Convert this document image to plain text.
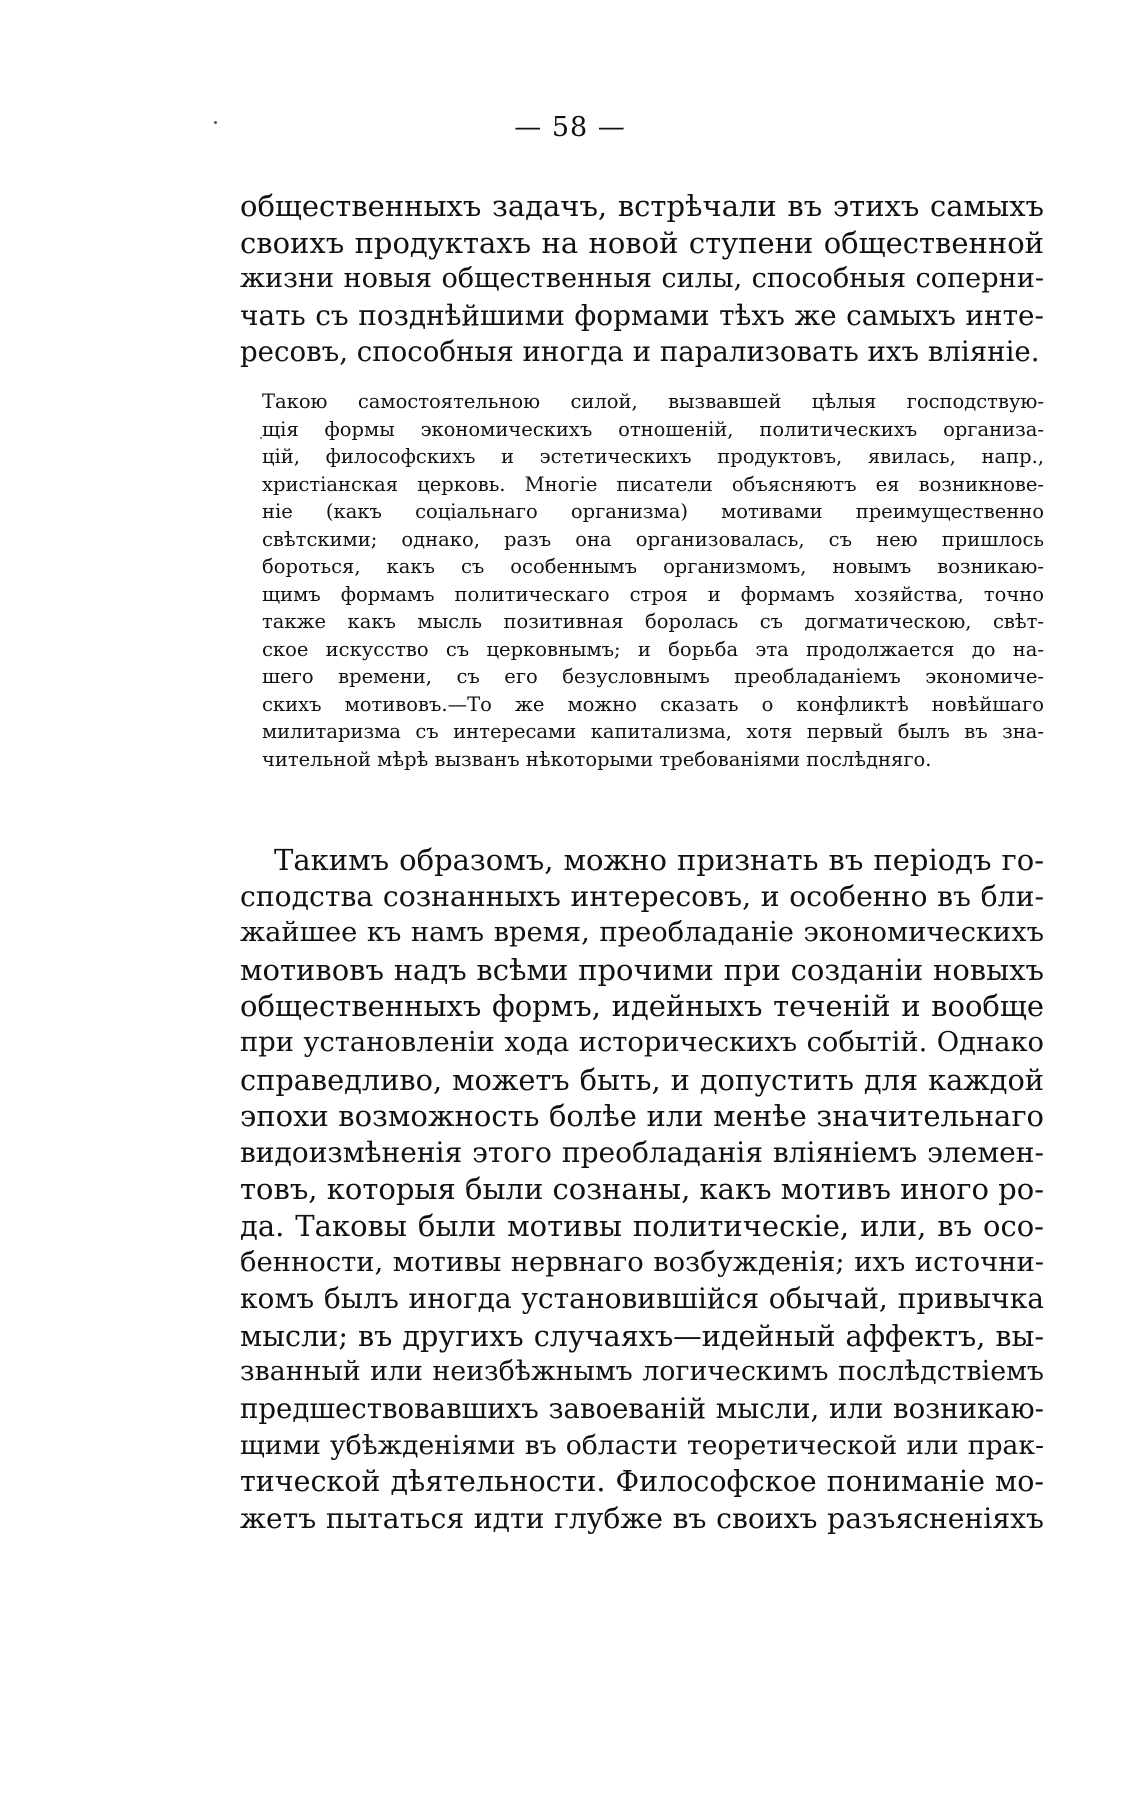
— 58 —
общественныхъ задачъ, встрѣчали въ этихъ самыхъ
своихъ продуктахъ на новой ступени общественной
жизни новыя общественныя силы, способныя соперни-
чать съ позднѣйшими формами тѣхъ же самыхъ инте-
ресовъ, способныя иногда и парализовать ихъ вліяніе.
Такою самостоятельною силой, вызвавшей цѣлыя господствую-
щія формы экономическихъ отношеній, политическихъ организа-
цій, философскихъ и эстетическихъ продуктовъ, явилась, напр.,
христіанская церковь. Многіе писатели объясняютъ ея возникнове-
ніе (какъ соціальнаго организма) мотивами преимущественно
свѣтскими; однако, разъ она организовалась, съ нею пришлось
бороться, какъ съ особеннымъ организмомъ, новымъ возникаю-
щимъ формамъ политическаго строя и формамъ хозяйства, точно
также какъ мысль позитивная боролась съ догматическою, свѣт-
ское искусство съ церковнымъ; и борьба эта продолжается до на-
шего времени, съ его безусловнымъ преобладаніемъ экономиче-
скихъ мотивовъ.—То же можно сказать о конфликтѣ новѣйшаго
милитаризма съ интересами капитализма, хотя первый былъ въ зна-
чительной мѣрѣ вызванъ нѣкоторыми требованіями послѣдняго.
Такимъ образомъ, можно признать въ періодъ го-
сподства сознанныхъ интересовъ, и особенно въ бли-
жайшее къ намъ время, преобладаніе экономическихъ
мотивовъ надъ всѣми прочими при созданіи новыхъ
общественныхъ формъ, идейныхъ теченій и вообще
при установленіи хода историческихъ событій. Однако
справедливо, можетъ быть, и допустить для каждой
эпохи возможность болѣе или менѣе значительнаго
видоизмѣненія этого преобладанія вліяніемъ элемен-
товъ, которыя были сознаны, какъ мотивъ иного ро-
да. Таковы были мотивы политическіе, или, въ осо-
бенности, мотивы нервнаго возбужденія; ихъ источни-
комъ былъ иногда установившійся обычай, привычка
мысли; въ другихъ случаяхъ—идейный аффектъ, вы-
званный или неизбѣжнымъ логическимъ послѣдствіемъ
предшествовавшихъ завоеваній мысли, или возникаю-
щими убѣжденіями въ области теоретической или прак-
тической дѣятельности. Философское пониманіе мо-
жетъ пытаться идти глубже въ своихъ разъясненіяхъ
